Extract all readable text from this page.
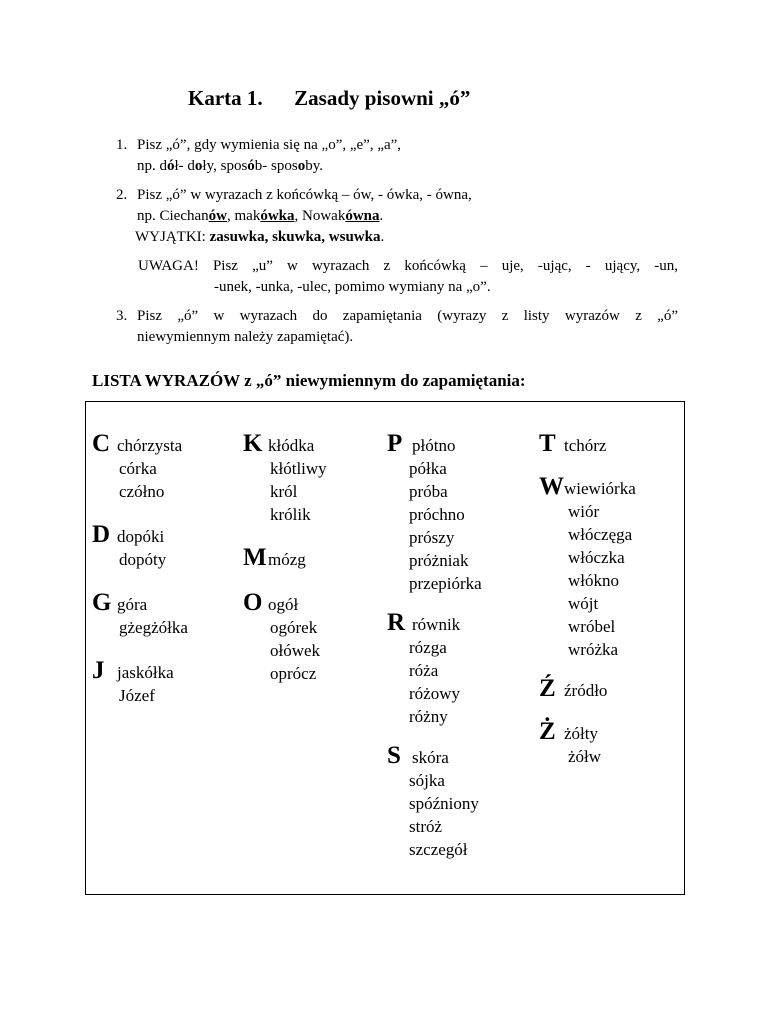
Karta 1.      Zasady pisowni „ó”
1. Pisz „ó”, gdy wymienia się na „o”, „e”, „a”,
np. dół- doły, sposób- sposoby.
2. Pisz „ó” w wyrazach z końcówką – ów, - ówka, - ówna,
np. Ciechanów, makówka, Nowakówna.
WYJĄTKI: zasuwka, skuwka, wsuwka.
UWAGA! Pisz „u” w wyrazach z końcówką – uje, -ując, - ujący, -un,
-unek, -unka, -ulec, pomimo wymiany na „o”.
3. Pisz „ó” w wyrazach do zapamiętania (wyrazy z listy wyrazów z „ó”
niewymiennym należy zapamiętać).
LISTA WYRAZÓW z „ó” niewymiennym do zapamiętania:
C chórzysta
córka
czółno
D dopóki
dopóty
G góra
gżegżółka
J jaskółka
Józef
K kłódka
kłótliwy
król
królik
M mózg
O ogół
ogórek
ołówek
oprócz
P płótno
półka
próba
próchno
prószy
próżniak
przepiórka
R równik
rózga
róża
różowy
różny
S skóra
sójka
spóźniony
stróż
szczegół
T tchórz
W wiewiórka
wiór
włóczęga
włóczka
włókno
wójt
wróbel
wróżka
Ź źródło
Ż żółty
żółw
